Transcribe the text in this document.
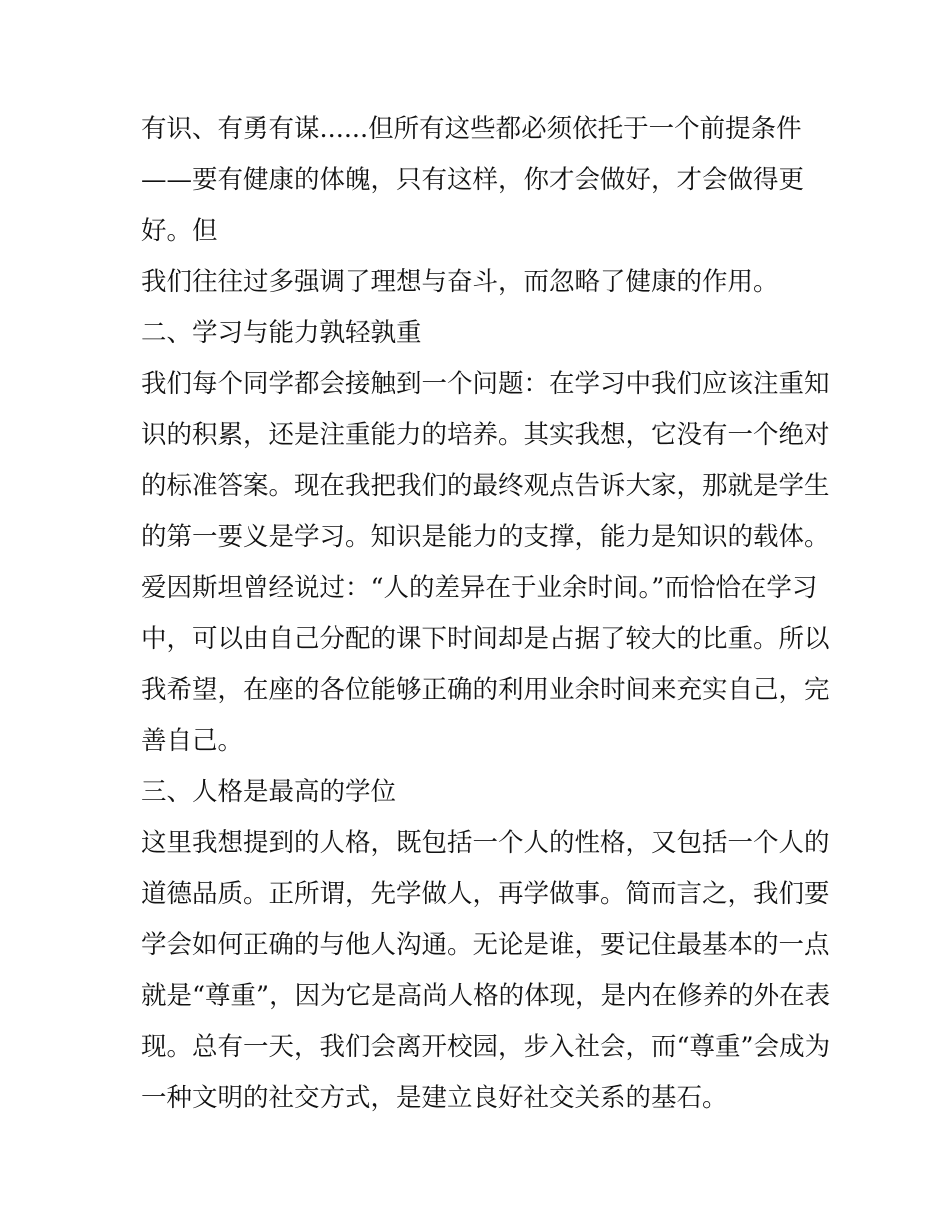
有识、有勇有谋......但所有这些都必须依托于一个前提条件
——要有健康的体魄，只有这样，你才会做好，才会做得更
好。但
我们往往过多强调了理想与奋斗，而忽略了健康的作用。
二、学习与能力孰轻孰重
我们每个同学都会接触到一个问题：在学习中我们应该注重知
识的积累，还是注重能力的培养。其实我想，它没有一个绝对
的标准答案。现在我把我们的最终观点告诉大家，那就是学生
的第一要义是学习。知识是能力的支撑，能力是知识的载体。
爱因斯坦曾经说过：“人的差异在于业余时间。”而恰恰在学习
中，可以由自己分配的课下时间却是占据了较大的比重。所以
我希望，在座的各位能够正确的利用业余时间来充实自己，完
善自己。
三、人格是最高的学位
这里我想提到的人格，既包括一个人的性格，又包括一个人的
道德品质。正所谓，先学做人，再学做事。简而言之，我们要
学会如何正确的与他人沟通。无论是谁，要记住最基本的一点
就是“尊重”，因为它是高尚人格的体现，是内在修养的外在表
现。总有一天，我们会离开校园，步入社会，而“尊重”会成为
一种文明的社交方式，是建立良好社交关系的基石。
